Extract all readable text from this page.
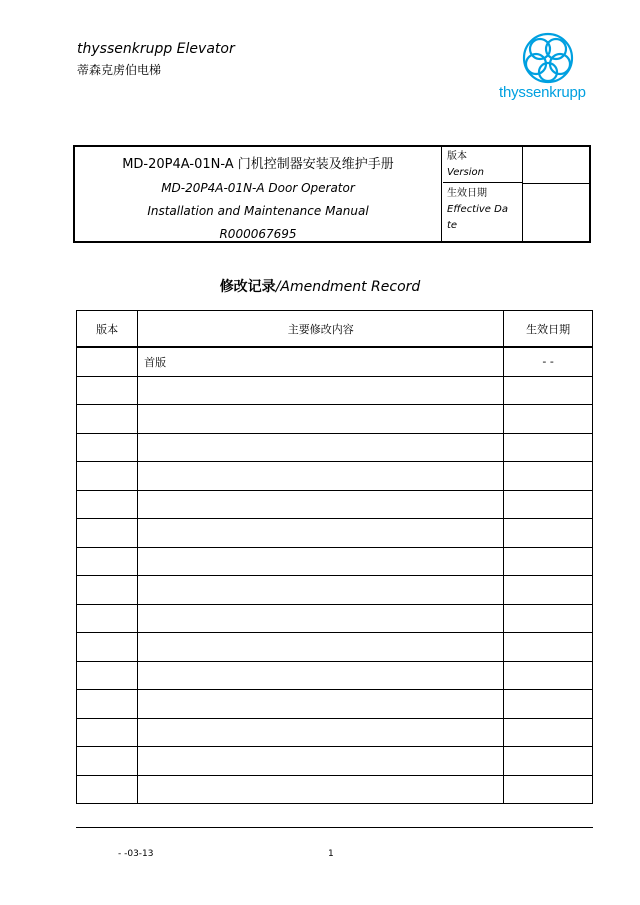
thyssenkrupp Elevator
蒂森克虏伯电梯
thyssenkrupp
MD-20P4A-01N-A 门机控制器安装及维护手册
MD-20P4A-01N-A Door Operator
Installation and Maintenance Manual
R000067695
版本
Version
生效日期
Effective Da
te
修改记录/Amendment Record
版本	主要修改内容	生效日期
	首版	- -

- -03-13	1
